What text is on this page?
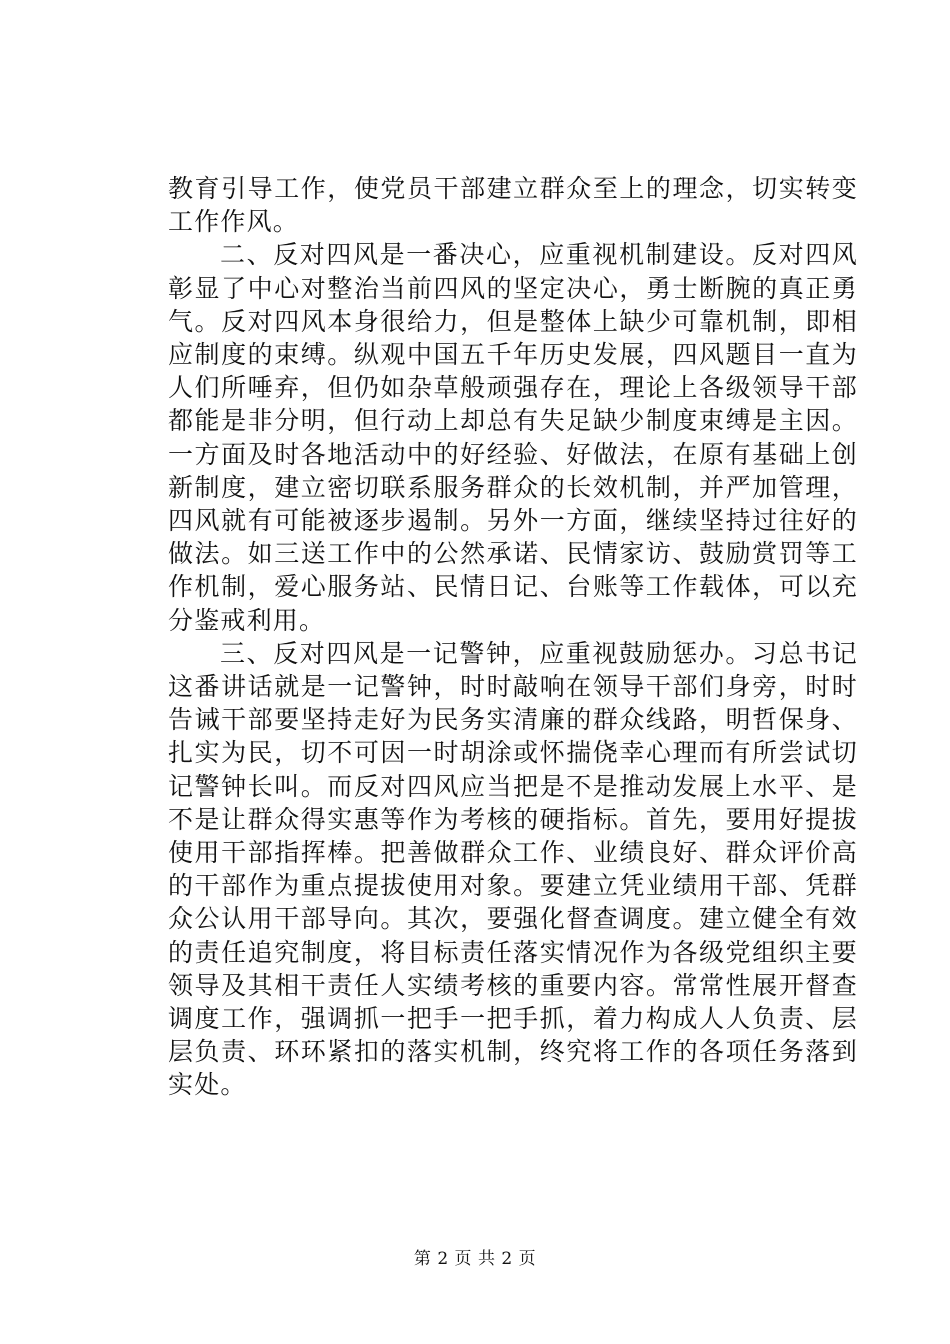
教育引导工作，使党员干部建立群众至上的理念，切实转变工作作风。

二、反对四风是一番决心，应重视机制建设。反对四风彰显了中心对整治当前四风的坚定决心，勇士断腕的真正勇气。反对四风本身很给力，但是整体上缺少可靠机制，即相应制度的束缚。纵观中国五千年历史发展，四风题目一直为人们所唾弃，但仍如杂草般顽强存在，理论上各级领导干部都能是非分明，但行动上却总有失足缺少制度束缚是主因。一方面及时各地活动中的好经验、好做法，在原有基础上创新制度，建立密切联系服务群众的长效机制，并严加管理，四风就有可能被逐步遏制。另外一方面，继续坚持过往好的做法。如三送工作中的公然承诺、民情家访、鼓励赏罚等工作机制，爱心服务站、民情日记、台账等工作载体，可以充分鉴戒利用。

三、反对四风是一记警钟，应重视鼓励惩办。习总书记这番讲话就是一记警钟，时时敲响在领导干部们身旁，时时告诫干部要坚持走好为民务实清廉的群众线路，明哲保身、扎实为民，切不可因一时胡涂或怀揣侥幸心理而有所尝试切记警钟长叫。而反对四风应当把是不是推动发展上水平、是不是让群众得实惠等作为考核的硬指标。首先，要用好提拔使用干部指挥棒。把善做群众工作、业绩良好、群众评价高的干部作为重点提拔使用对象。要建立凭业绩用干部、凭群众公认用干部导向。其次，要强化督查调度。建立健全有效的责任追究制度，将目标责任落实情况作为各级党组织主要领导及其相干责任人实绩考核的重要内容。常常性展开督查调度工作，强调抓一把手一把手抓，着力构成人人负责、层层负责、环环紧扣的落实机制，终究将工作的各项任务落到实处。

第 2 页 共 2 页
